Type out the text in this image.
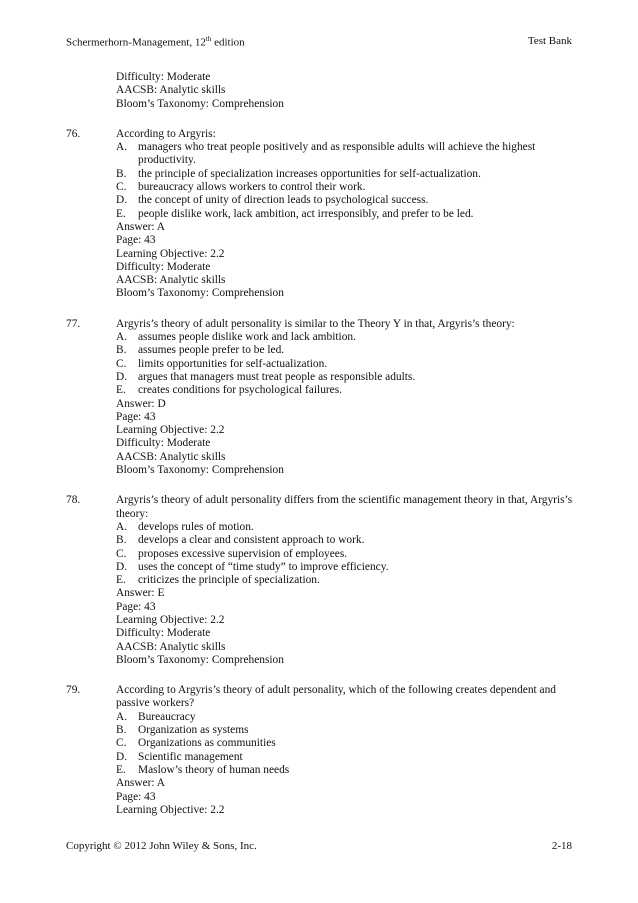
Schermerhorn-Management, 12th edition	Test Bank
Difficulty: Moderate
AACSB: Analytic skills
Bloom’s Taxonomy: Comprehension
76.	According to Argyris:
A. managers who treat people positively and as responsible adults will achieve the highest productivity.
B.	the principle of specialization increases opportunities for self-actualization.
C.	bureaucracy allows workers to control their work.
D. the concept of unity of direction leads to psychological success.
E.	people dislike work, lack ambition, act irresponsibly, and prefer to be led.
Answer: A
Page: 43
Learning Objective: 2.2
Difficulty: Moderate
AACSB: Analytic skills
Bloom’s Taxonomy: Comprehension
77.	Argyris’s theory of adult personality is similar to the Theory Y in that, Argyris’s theory:
A. assumes people dislike work and lack ambition.
B.	assumes people prefer to be led.
C.	limits opportunities for self-actualization.
D. argues that managers must treat people as responsible adults.
E.	creates conditions for psychological failures.
Answer: D
Page: 43
Learning Objective: 2.2
Difficulty: Moderate
AACSB: Analytic skills
Bloom’s Taxonomy: Comprehension
78.	Argyris’s theory of adult personality differs from the scientific management theory in that, Argyris’s theory:
A. develops rules of motion.
B.	develops a clear and consistent approach to work.
C.	proposes excessive supervision of employees.
D. uses the concept of “time study” to improve efficiency.
E.	criticizes the principle of specialization.
Answer: E
Page: 43
Learning Objective: 2.2
Difficulty: Moderate
AACSB: Analytic skills
Bloom’s Taxonomy: Comprehension
79.	According to Argyris’s theory of adult personality, which of the following creates dependent and passive workers?
A. Bureaucracy
B.	Organization as systems
C.	Organizations as communities
D. Scientific management
E.	Maslow’s theory of human needs
Answer: A
Page: 43
Learning Objective: 2.2
Copyright © 2012 John Wiley & Sons, Inc.	2-18
